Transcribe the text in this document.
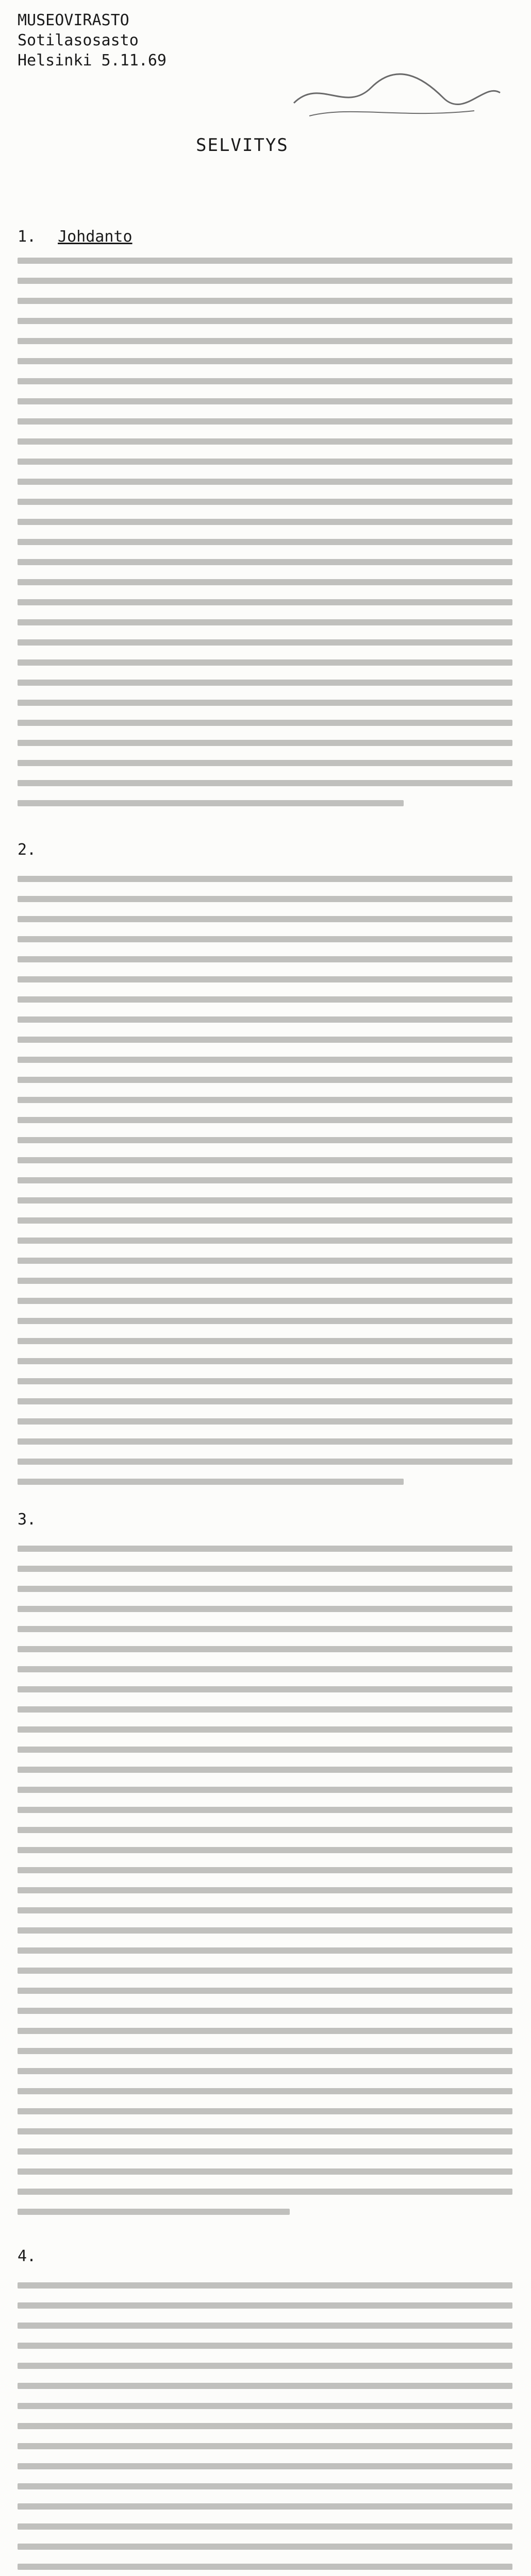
MUSEOVIRASTO
Sotilasosasto
Helsinki 5.11.69
SELVITYS
1. Johdanto
2.
3.
4.
